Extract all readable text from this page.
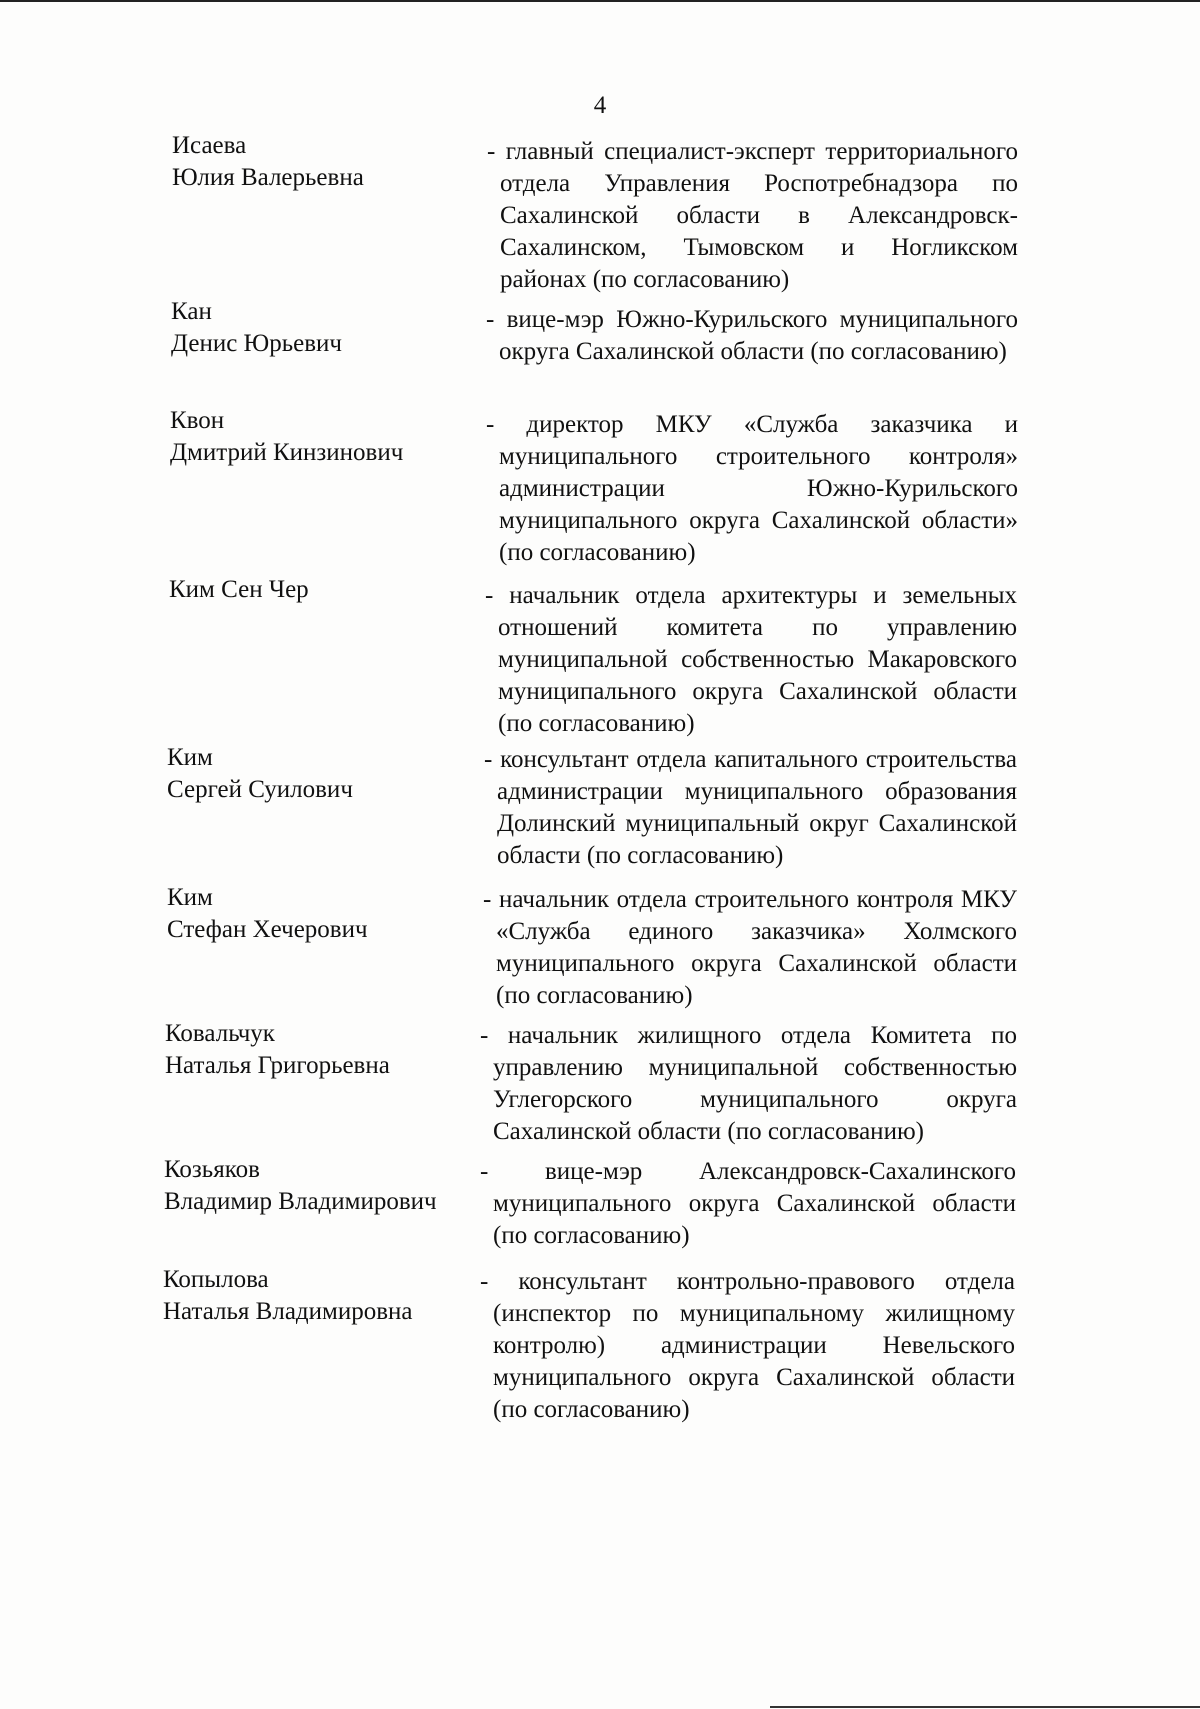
4
Исаева
Юлия Валерьевна
- главный специалист-эксперт территориального отдела Управления Роспотребнадзора по Сахалинской области в Александровск-Сахалинском, Тымовском и Ногликском районах (по согласованию)
Кан
Денис Юрьевич
- вице-мэр Южно-Курильского муниципального округа Сахалинской области (по согласованию)
Квон
Дмитрий Кинзинович
- директор МКУ «Служба заказчика и муниципального строительного контроля» администрации Южно-Курильского муниципального округа Сахалинской области» (по согласованию)
Ким Сен Чер	- начальник отдела архитектуры и земельных отношений комитета по управлению муниципальной собственностью Макаровского муниципального округа Сахалинской области (по согласованию)
Ким
Сергей Суилович
- консультант отдела капитального строительства администрации муниципального образования Долинский муниципальный округ Сахалинской области (по согласованию)
Ким
Стефан Хечерович
- начальник отдела строительного контроля МКУ «Служба единого заказчика» Холмского муниципального округа Сахалинской области (по согласованию)
Ковальчук
Наталья Григорьевна
- начальник жилищного отдела Комитета по управлению муниципальной собственностью Углегорского муниципального округа Сахалинской области (по согласованию)
Козьяков
Владимир Владимирович
- вице-мэр Александровск-Сахалинского муниципального округа Сахалинской области (по согласованию)
Копылова
Наталья Владимировна
- консультант контрольно-правового отдела (инспектор по муниципальному жилищному контролю) администрации Невельского муниципального округа Сахалинской области (по согласованию)
